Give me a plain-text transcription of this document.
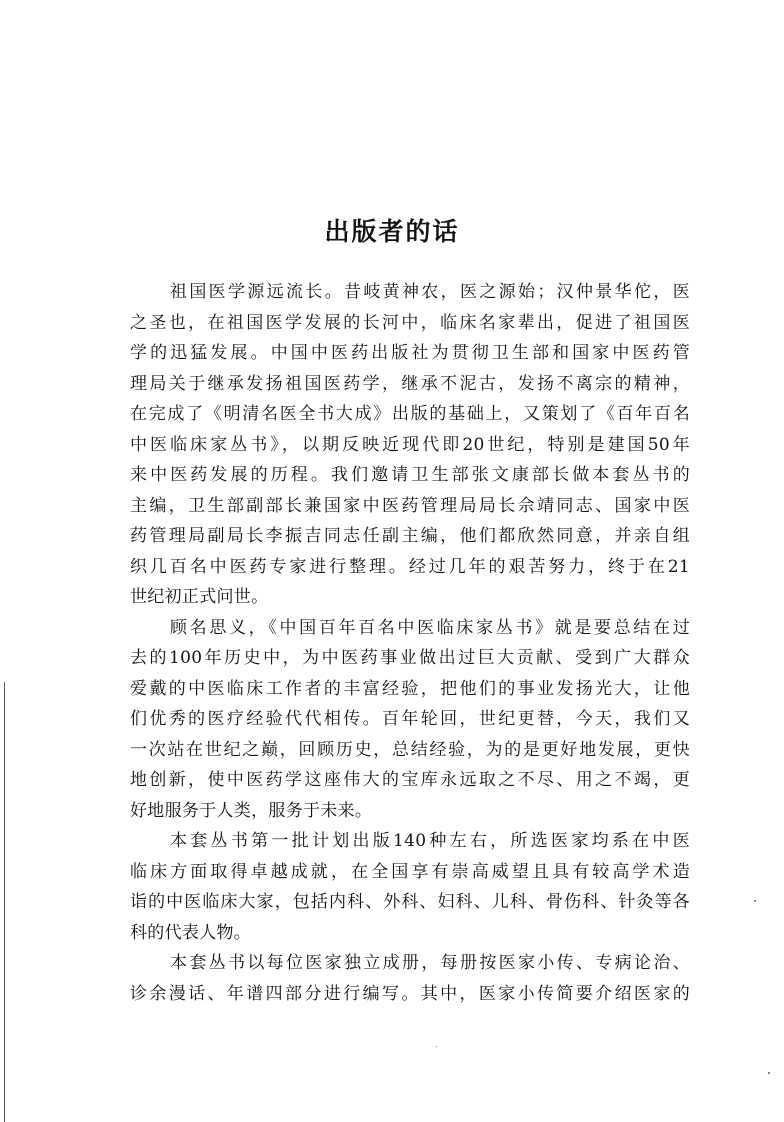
出版者的话
祖国医学源远流长。昔岐黄神农，医之源始；汉仲景华佗，医
之圣也，在祖国医学发展的长河中，临床名家辈出，促进了祖国医
学的迅猛发展。中国中医药出版社为贯彻卫生部和国家中医药管
理局关于继承发扬祖国医药学，继承不泥古，发扬不离宗的精神，
在完成了《明清名医全书大成》出版的基础上，又策划了《百年百名
中医临床家丛书》，以期反映近现代即20世纪，特别是建国50年
来中医药发展的历程。我们邀请卫生部张文康部长做本套丛书的
主编，卫生部副部长兼国家中医药管理局局长佘靖同志、国家中医
药管理局副局长李振吉同志任副主编，他们都欣然同意，并亲自组
织几百名中医药专家进行整理。经过几年的艰苦努力，终于在21
世纪初正式问世。
顾名思义，《中国百年百名中医临床家丛书》就是要总结在过
去的100年历史中，为中医药事业做出过巨大贡献、受到广大群众
爱戴的中医临床工作者的丰富经验，把他们的事业发扬光大，让他
们优秀的医疗经验代代相传。百年轮回，世纪更替，今天，我们又
一次站在世纪之巅，回顾历史，总结经验，为的是更好地发展，更快
地创新，使中医药学这座伟大的宝库永远取之不尽、用之不竭，更
好地服务于人类，服务于未来。
本套丛书第一批计划出版140种左右，所选医家均系在中医
临床方面取得卓越成就，在全国享有崇高威望且具有较高学术造
诣的中医临床大家，包括内科、外科、妇科、儿科、骨伤科、针灸等各
科的代表人物。
本套丛书以每位医家独立成册，每册按医家小传、专病论治、
诊余漫话、年谱四部分进行编写。其中，医家小传简要介绍医家的
